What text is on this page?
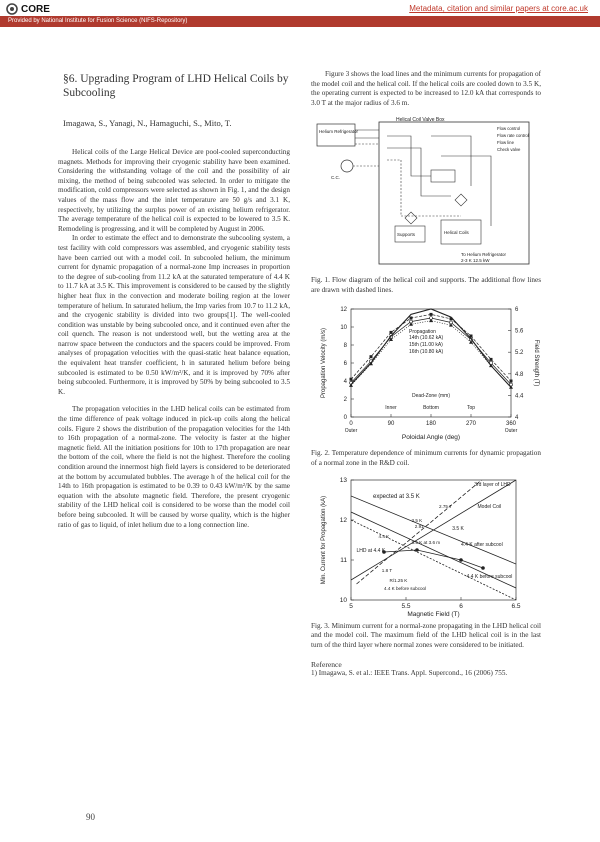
CORE	Metadata, citation and similar papers at core.ac.uk
Provided by National Institute for Fusion Science (NIFS-Repository)
§6. Upgrading Program of LHD Helical Coils by Subcooling
Imagawa, S., Yanagi, N., Hamaguchi, S., Mito, T.

Helical coils of the Large Helical Device are pool-cooled superconducting magnets. Methods for improving their cryogenic stability have been examined. Considering the withstanding voltage of the coil and the possibility of air mixing, the method of being subcooled was selected. In order to mitigate the modification, cold compressors were selected as shown in Fig. 1, and the design values of the mass flow and the inlet temperature are 50 g/s and 3.1 K, respectively, by utilizing the surplus power of an existing helium refrigerator. The average temperature of the helical coil is expected to be lowered to 3.5 K. Remodeling is progressing, and it will be completed by August in 2006.

In order to estimate the effect and to demonstrate the subcooling system, a test facility with cold compressors was assembled, and cryogenic stability tests have been carried out with a model coil. In subcooled helium, the minimum current for dynamic propagation of a normal-zone Imp increases in proportion to the degree of sub-cooling from 11.2 kA at the saturated temperature of 4.4 K to 11.7 kA at 3.5 K. This improvement is considered to be caused by the slightly higher heat flux in the convection and moderate boiling region at the lower temperature of helium. In saturated helium, the Imp varies from 10.7 to 11.2 kA, and the cryogenic stability is divided into two groups[1]. The well-cooled condition was unstable by being subcooled once, and it continued even after the coil quench. The reason is not understood well, but the wetting area at the narrow space between the conductors and the spacers could be improved. From analyses of propagation velocities with the quasi-static heat balance equation, the equivalent heat transfer coefficient, h in saturated helium before being subcooled is estimated to be 0.50 kW/m²/K, and it is improved by 70% after being subcooled. Furthermore, it is improved by 50% by being subcooled to 3.5 K.

The propagation velocities in the LHD helical coils can be estimated from the time difference of peak voltage induced in pick-up coils along the helical coils. Figure 2 shows the distribution of the propagation velocities for the 14th to 16th propagation of a normal-zone. The velocity is faster at the higher magnetic field. All the initiation positions for 10th to 17th propagation are near the bottom of the coil, where the field is not the highest. Therefore the cooling condition around the innermost high field layers is considered to be deteriorated at the bottom by accumulated bubbles. The average h of the helical coil for the 14th to 16th propagation is estimated to be 0.39 to 0.43 kW/m²/K by the same equation with the absolute magnetic field. Therefore, the present cryogenic stability of the LHD helical coil is considered to be worse than the model coil before being subcooled. It will be caused by worse quality, which is the higher ratio of gas to liquid, of inlet helium due to a long connection line.

90

Figure 3 shows the load lines and the minimum currents for propagation of the model coil and the helical coil. If the helical coils are cooled down to 3.5 K, the operating current is expected to be increased to 12.0 kA that corresponds to 3.0 T at the major radius of 3.6 m.

Helical Coil Valve Box
Helium Refrigerator
C.C.
Supports	Helical Coils
To Helium Refrigerator
2-3 K 12.5 kW
Flow control
Flow rate control
Flow line
Check valve

Fig. 1. Flow diagram of the helical coil and supports. The additional flow lines are drawn with dashed lines.

0
2
4
6
8
10
12
4
4.4
4.8
5.2
5.6
6
0	90	180	270	360
Outer	Outer
Poloidal Angle (deg)
Propagation Velocity (m/s)	Field Strength (T)
Propagation
14th (10.62 kA)
15th (11.00 kA)
16th (10.80 kA)
Dead-Zone (mm)
Inner	Bottom	Top

Fig. 2. Temperature dependence of minimum currents for dynamic propagation of a normal zone in the R&D coil.

10
11
12
13
5	5.5	6	6.5
Magnetic Field (T)
Min. Current for Propagation (kA)
3rd layer of LHD
Model Coil
4.4 K after subcool
3.5 K
4.4 K before subcool
LHD at 4.4 K
expected at 3.5 K
3.5 K
4.4 K
1.8 T
2.91
2.75 T
R/1.25 K
3.5 K at 3.6 m
4.4 K before subcool

Fig. 3. Minimum current for a normal-zone propagating in the LHD helical coil and the model coil. The maximum field of the LHD helical coil is in the last turn of the third layer where normal zones were considered to be initiated.

Reference

1) Imagawa, S. et al.: IEEE Trans. Appl. Supercond., 16 (2006) 755.
